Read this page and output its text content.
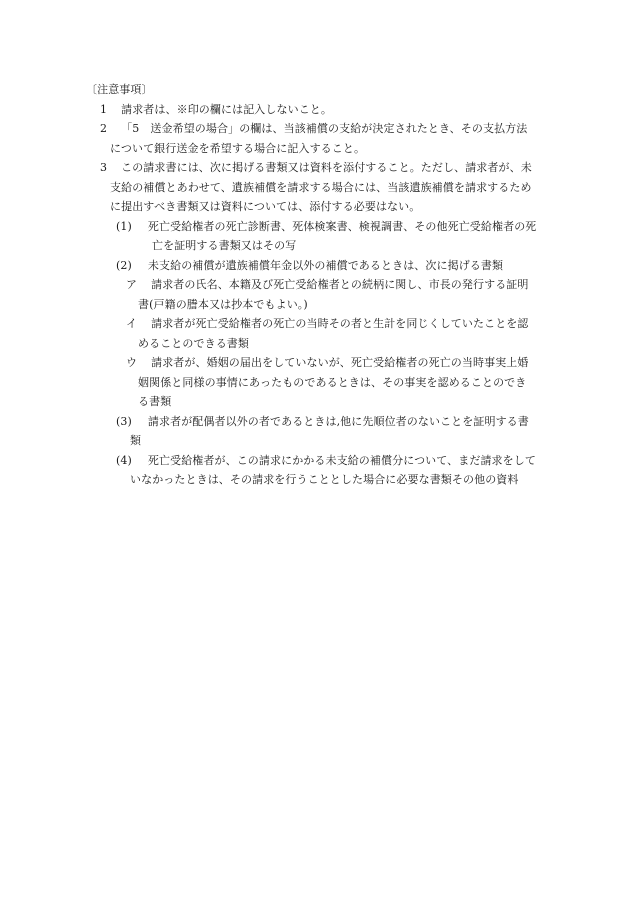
〔注意事項〕
1 請求者は、※印の欄には記入しないこと。
2 「5　送金希望の場合」の欄は、当該補償の支給が決定されたとき、その支払方法
について銀行送金を希望する場合に記入すること。
3 この請求書には、次に掲げる書類又は資料を添付すること。ただし、請求者が、未
支給の補償とあわせて、遺族補償を請求する場合には、当該遺族補償を請求するため
に提出すべき書類又は資料については、添付する必要はない。
(1) 死亡受給権者の死亡診断書、死体検案書、検視調書、その他死亡受給権者の死
亡を証明する書類又はその写
(2) 未支給の補償が遺族補償年金以外の補償であるときは、次に掲げる書類
ア 請求者の氏名、本籍及び死亡受給権者との続柄に関し、市長の発行する証明
書(戸籍の謄本又は抄本でもよい。)
イ 請求者が死亡受給権者の死亡の当時その者と生計を同じくしていたことを認
めることのできる書類
ウ 請求者が、婚姻の届出をしていないが、死亡受給権者の死亡の当時事実上婚
姻関係と同様の事情にあったものであるときは、その事実を認めることのでき
る書類
(3) 請求者が配偶者以外の者であるときは,他に先順位者のないことを証明する書
類
(4) 死亡受給権者が、この請求にかかる未支給の補償分について、まだ請求をして
いなかったときは、その請求を行うこととした場合に必要な書類その他の資料
